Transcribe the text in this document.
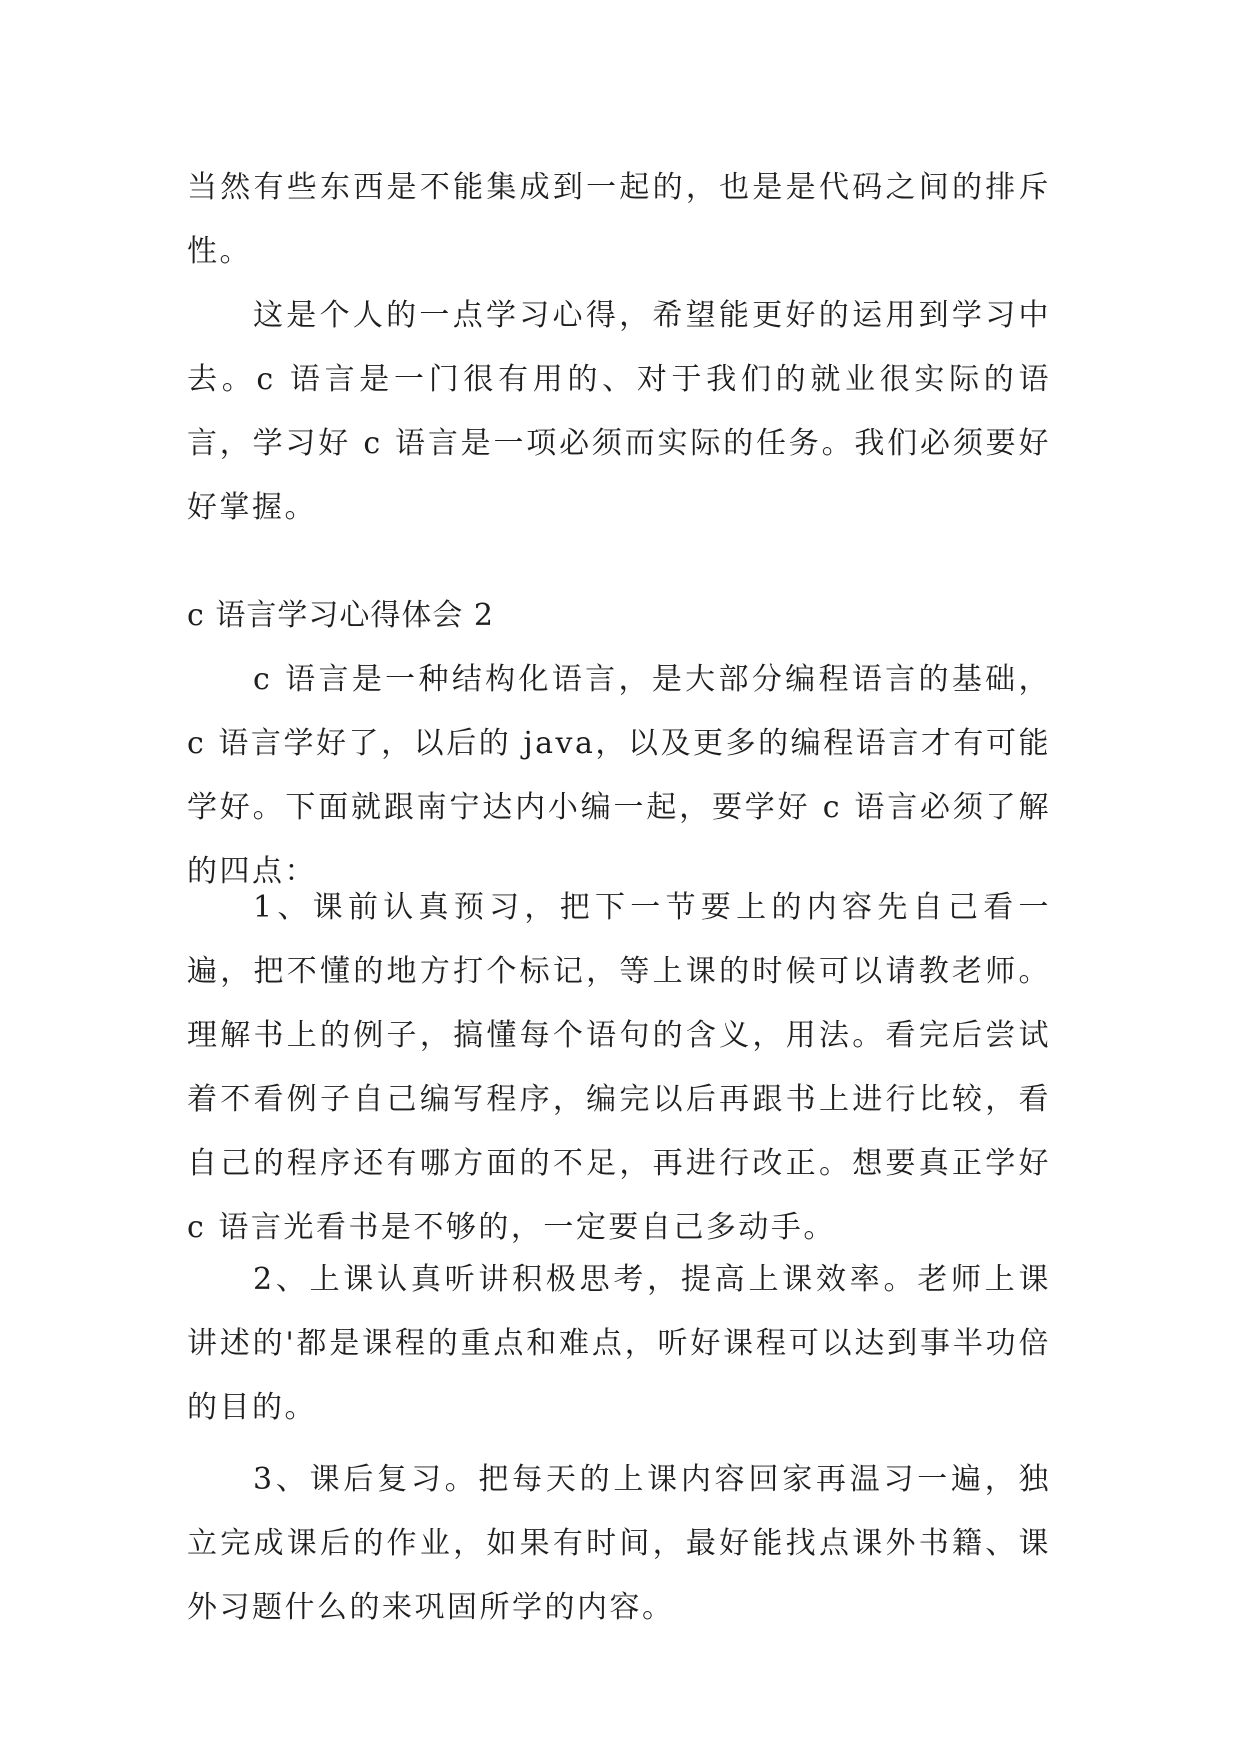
当然有些东西是不能集成到一起的，也是是代码之间的排斥性。

这是个人的一点学习心得，希望能更好的运用到学习中去。c 语言是一门很有用的、对于我们的就业很实际的语言，学习好 c 语言是一项必须而实际的任务。我们必须要好好掌握。

c 语言学习心得体会 2

c 语言是一种结构化语言，是大部分编程语言的基础，c 语言学好了，以后的 java，以及更多的编程语言才有可能学好。下面就跟南宁达内小编一起，要学好 c 语言必须了解的四点：

1、课前认真预习，把下一节要上的内容先自己看一遍，把不懂的地方打个标记，等上课的时候可以请教老师。理解书上的例子，搞懂每个语句的含义，用法。看完后尝试着不看例子自己编写程序，编完以后再跟书上进行比较，看自己的程序还有哪方面的不足，再进行改正。想要真正学好 c 语言光看书是不够的，一定要自己多动手。

2、上课认真听讲积极思考，提高上课效率。老师上课讲述的'都是课程的重点和难点，听好课程可以达到事半功倍的目的。

3、课后复习。把每天的上课内容回家再温习一遍，独立完成课后的作业，如果有时间，最好能找点课外书籍、课外习题什么的来巩固所学的内容。
